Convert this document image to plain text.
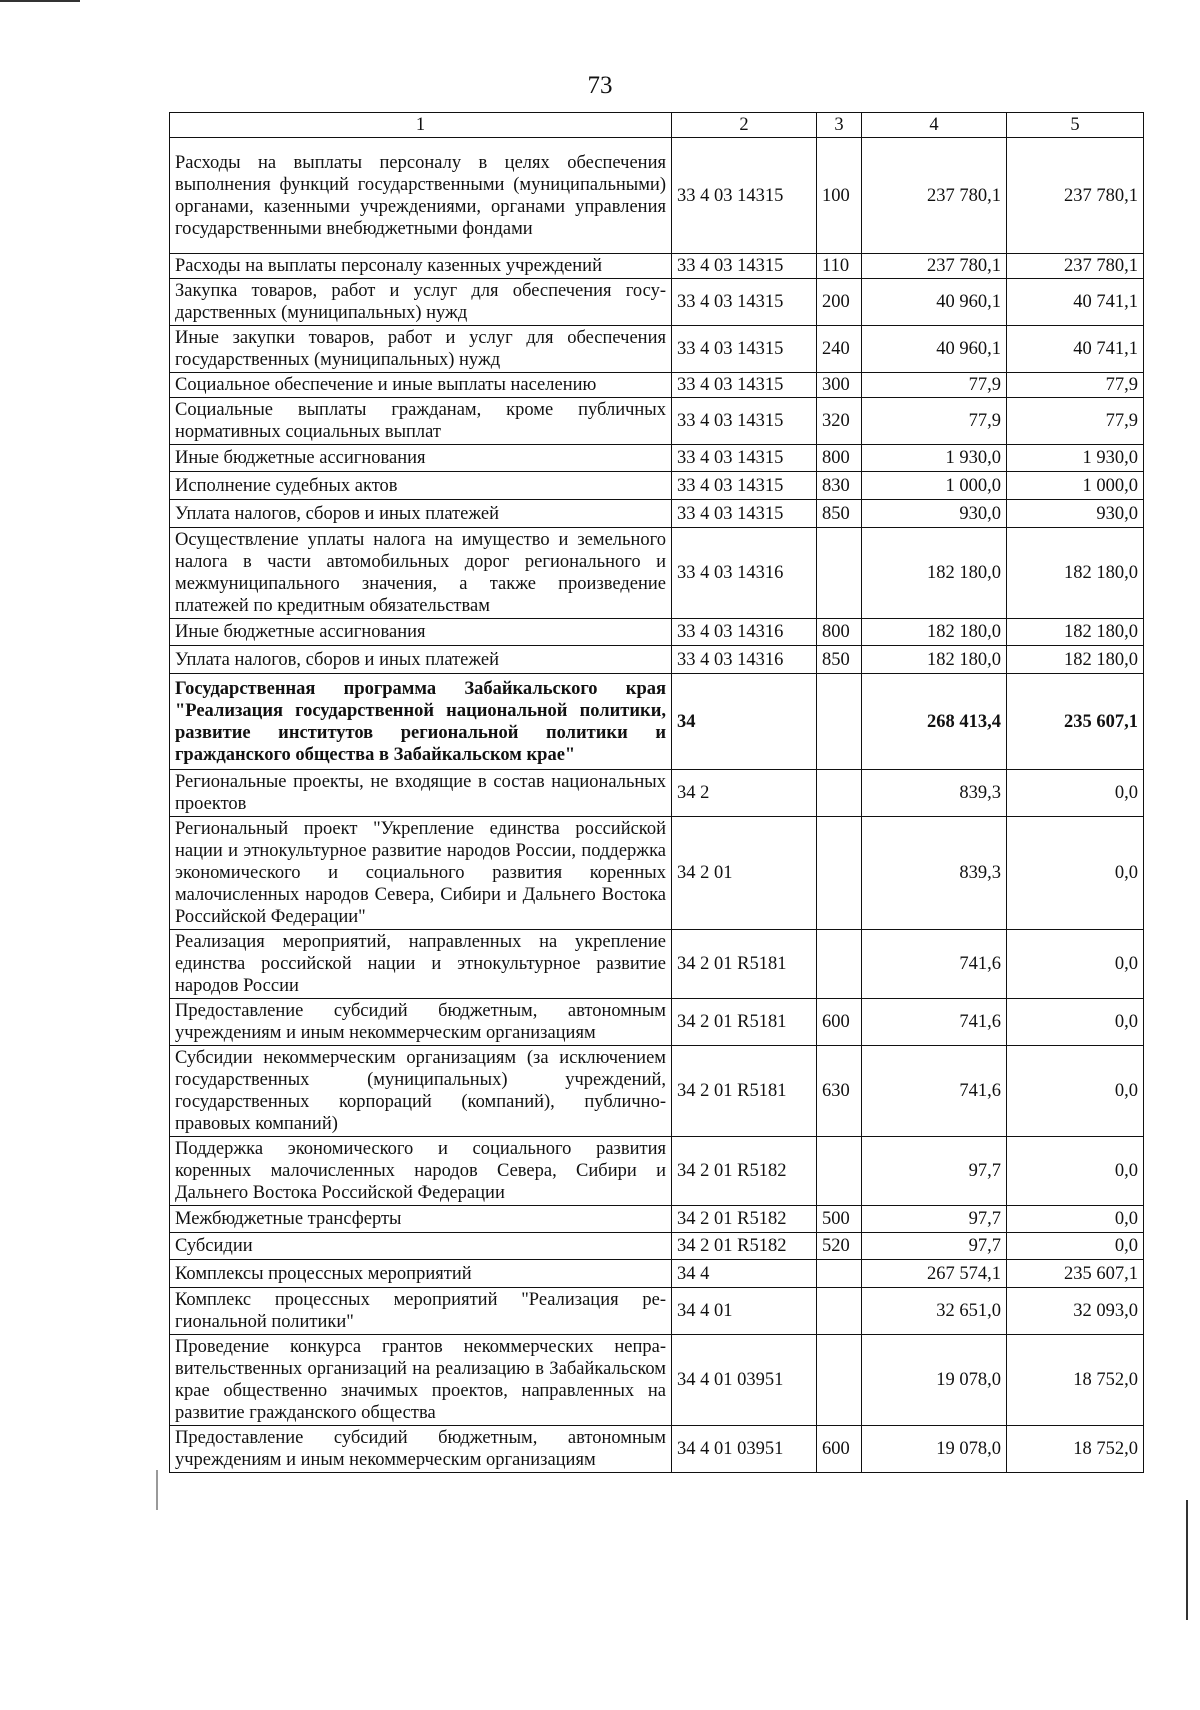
73
1	2	3	4	5
Расходы на выплаты персоналу в целях обеспечения выполнения функций государственными (муниципальными) органами, казенными учреждениями, органами управления государственными внебюджетными фондами	33 4 03 14315	100	237 780,1	237 780,1
Расходы на выплаты персоналу казенных учреждений	33 4 03 14315	110	237 780,1	237 780,1
Закупка товаров, работ и услуг для обеспечения государственных (муниципальных) нужд	33 4 03 14315	200	40 960,1	40 741,1
Иные закупки товаров, работ и услуг для обеспечения государственных (муниципальных) нужд	33 4 03 14315	240	40 960,1	40 741,1
Социальное обеспечение и иные выплаты населению	33 4 03 14315	300	77,9	77,9
Социальные выплаты гражданам, кроме публичных нормативных социальных выплат	33 4 03 14315	320	77,9	77,9
Иные бюджетные ассигнования	33 4 03 14315	800	1 930,0	1 930,0
Исполнение судебных актов	33 4 03 14315	830	1 000,0	1 000,0
Уплата налогов, сборов и иных платежей	33 4 03 14315	850	930,0	930,0
Осуществление уплаты налога на имущество и земельного налога в части автомобильных дорог регионального и межмуниципального значения, а также произведение платежей по кредитным обязательствам	33 4 03 14316		182 180,0	182 180,0
Иные бюджетные ассигнования	33 4 03 14316	800	182 180,0	182 180,0
Уплата налогов, сборов и иных платежей	33 4 03 14316	850	182 180,0	182 180,0
Государственная программа Забайкальского края "Реализация государственной национальной политики, развитие институтов региональной политики и гражданского общества в Забайкальском крае"	34		268 413,4	235 607,1
Региональные проекты, не входящие в состав национальных проектов	34 2		839,3	0,0
Региональный проект "Укрепление единства российской нации и этнокультурное развитие народов России, поддержка экономического и социального развития коренных малочисленных народов Севера, Сибири и Дальнего Востока Российской Федерации"	34 2 01		839,3	0,0
Реализация мероприятий, направленных на укрепление единства российской нации и этнокультурное развитие народов России	34 2 01 R5181		741,6	0,0
Предоставление субсидий бюджетным, автономным учреждениям и иным некоммерческим организациям	34 2 01 R5181	600	741,6	0,0
Субсидии некоммерческим организациям (за исключением государственных (муниципальных) учреждений, государственных корпораций (компаний), публично-правовых компаний)	34 2 01 R5181	630	741,6	0,0
Поддержка экономического и социального развития коренных малочисленных народов Севера, Сибири и Дальнего Востока Российской Федерации	34 2 01 R5182		97,7	0,0
Межбюджетные трансферты	34 2 01 R5182	500	97,7	0,0
Субсидии	34 2 01 R5182	520	97,7	0,0
Комплексы процессных мероприятий	34 4		267 574,1	235 607,1
Комплекс процессных мероприятий "Реализация региональной политики"	34 4 01		32 651,0	32 093,0
Проведение конкурса грантов некоммерческих неправительственных организаций на реализацию в Забайкальском крае общественно значимых проектов, направленных на развитие гражданского общества	34 4 01 03951		19 078,0	18 752,0
Предоставление субсидий бюджетным, автономным учреждениям и иным некоммерческим организациям	34 4 01 03951	600	19 078,0	18 752,0
